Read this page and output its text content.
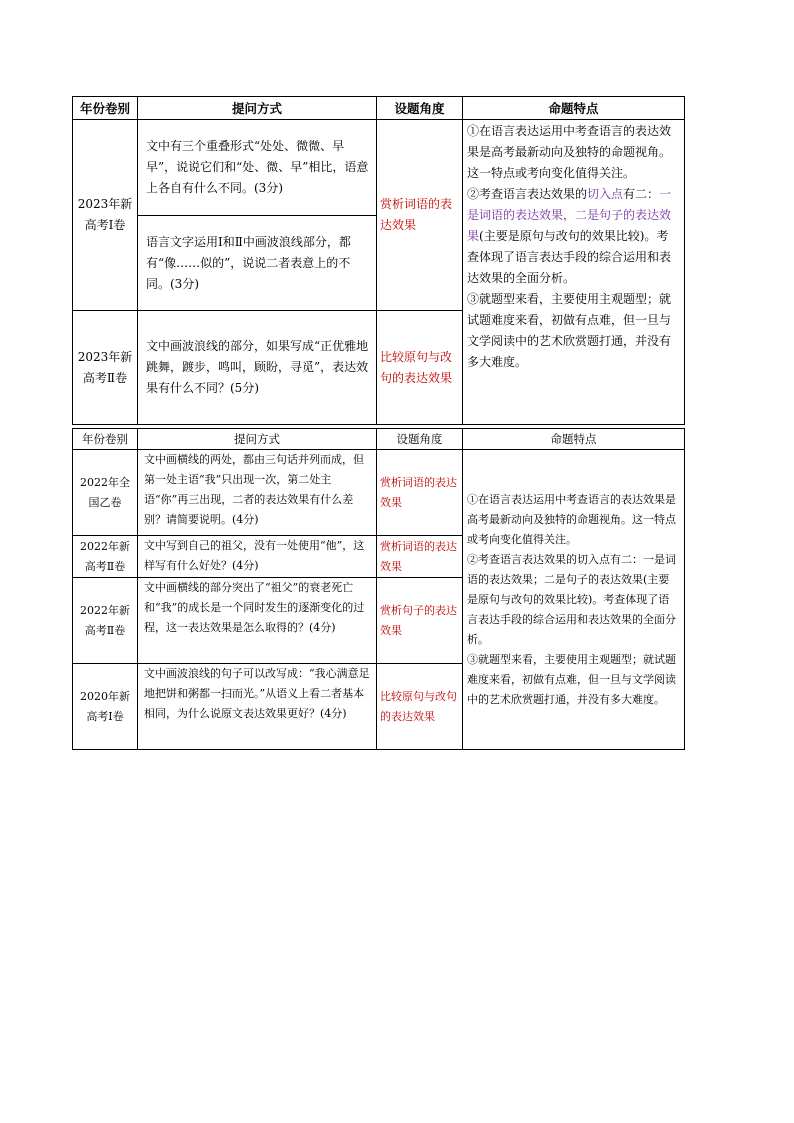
年份卷别	提问方式	设题角度	命题特点
2023年新高考Ⅰ卷	文中有三个重叠形式“处处、微微、早早”，说说它们和“处、微、早”相比，语意上各自有什么不同。(3分)	赏析词语的表达效果	①在语言表达运用中考查语言的表达效果是高考最新动向及独特的命题视角。这一特点或考向变化值得关注。

②考查语言表达效果的切入点有二：一是词语的表达效果，二是句子的表达效果(主要是原句与改句的效果比较)。考查体现了语言表达手段的综合运用和表达效果的全面分析。

③就题型来看，主要使用主观题型；就试题难度来看，初做有点难，但一旦与文学阅读中的艺术欣赏题打通，并没有多大难度。

	语言文字运用Ⅰ和Ⅱ中画波浪线部分，都有“像……似的”，说说二者表意上的不同。(3分)		
2023年新高考Ⅱ卷	文中画波浪线的部分，如果写成“正优雅地跳舞，踱步，鸣叫，顾盼，寻觅”，表达效果有什么不同？(5分)	比较原句与改句的表达效果	
年份卷别	提问方式	设题角度	命题特点
2022年全国乙卷	文中画横线的两处，都由三句话并列而成，但第一处主语“我”只出现一次，第二处主语“你”再三出现，二者的表达效果有什么差别？请简要说明。(4分)	赏析词语的表达效果	①在语言表达运用中考查语言的表达效果是高考最新动向及独特的命题视角。这一特点或考向变化值得关注。

②考查语言表达效果的切入点有二：一是词语的表达效果；二是句子的表达效果(主要是原句与改句的效果比较)。考查体现了语言表达手段的综合运用和表达效果的全面分析。

③就题型来看，主要使用主观题型；就试题难度来看，初做有点难，但一旦与文学阅读中的艺术欣赏题打通，并没有多大难度。

2022年新高考Ⅱ卷	文中写到自己的祖父，没有一处使用“他”，这样写有什么好处？(4分)	赏析词语的表达效果	
2022年新高考Ⅱ卷	文中画横线的部分突出了“祖父”的衰老死亡和“我”的成长是一个同时发生的逐渐变化的过程，这一表达效果是怎么取得的？(4分)	赏析句子的表达效果	
2020年新高考Ⅰ卷	文中画波浪线的句子可以改写成：“我心满意足地把饼和粥都一扫而光。”从语义上看二者基本相同，为什么说原文表达效果更好？(4分)	比较原句与改句的表达效果	
